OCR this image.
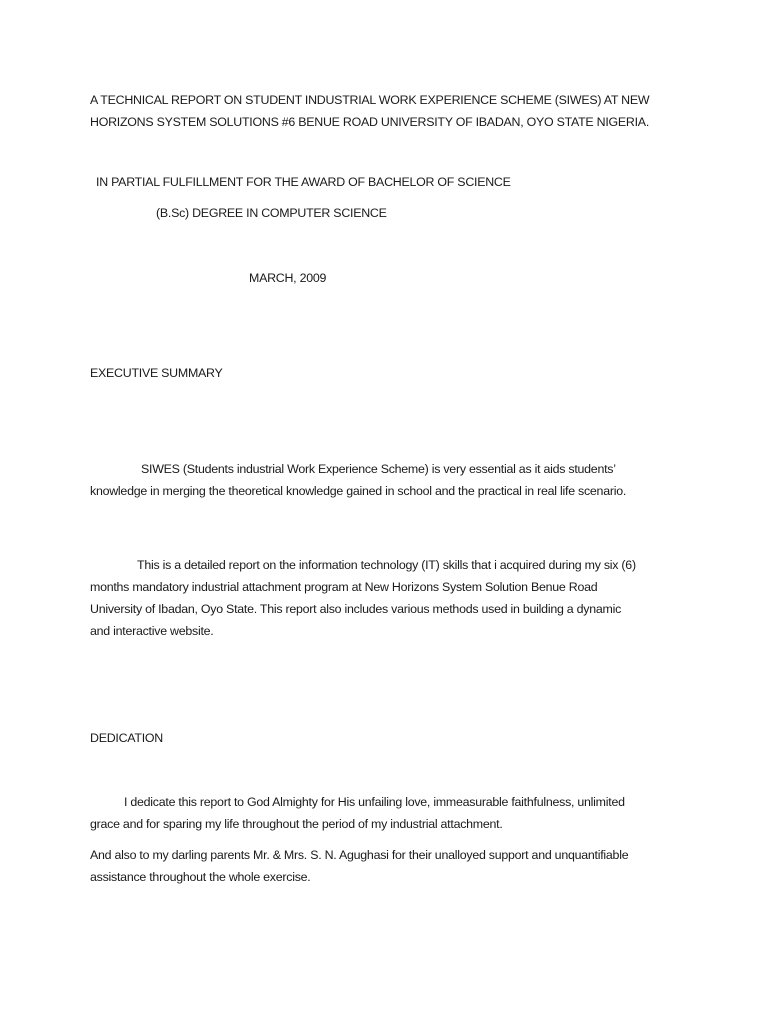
A TECHNICAL REPORT ON STUDENT INDUSTRIAL WORK EXPERIENCE SCHEME (SIWES) AT NEW
HORIZONS SYSTEM SOLUTIONS #6 BENUE ROAD UNIVERSITY OF IBADAN, OYO STATE NIGERIA.
IN PARTIAL FULFILLMENT FOR THE AWARD OF BACHELOR OF SCIENCE
(B.Sc) DEGREE IN COMPUTER SCIENCE
MARCH, 2009
EXECUTIVE SUMMARY
SIWES (Students industrial Work Experience Scheme) is very essential as it aids students’
knowledge in merging the theoretical knowledge gained in school and the practical in real life scenario.
This is a detailed report on the information technology (IT) skills that i acquired during my six (6)
months mandatory industrial attachment program at New Horizons System Solution Benue Road
University of Ibadan, Oyo State. This report also includes various methods used in building a dynamic
and interactive website.
DEDICATION
I dedicate this report to God Almighty for His unfailing love, immeasurable faithfulness, unlimited
grace and for sparing my life throughout the period of my industrial attachment.
And also to my darling parents Mr. & Mrs. S. N. Agughasi for their unalloyed support and unquantifiable
assistance throughout the whole exercise.
